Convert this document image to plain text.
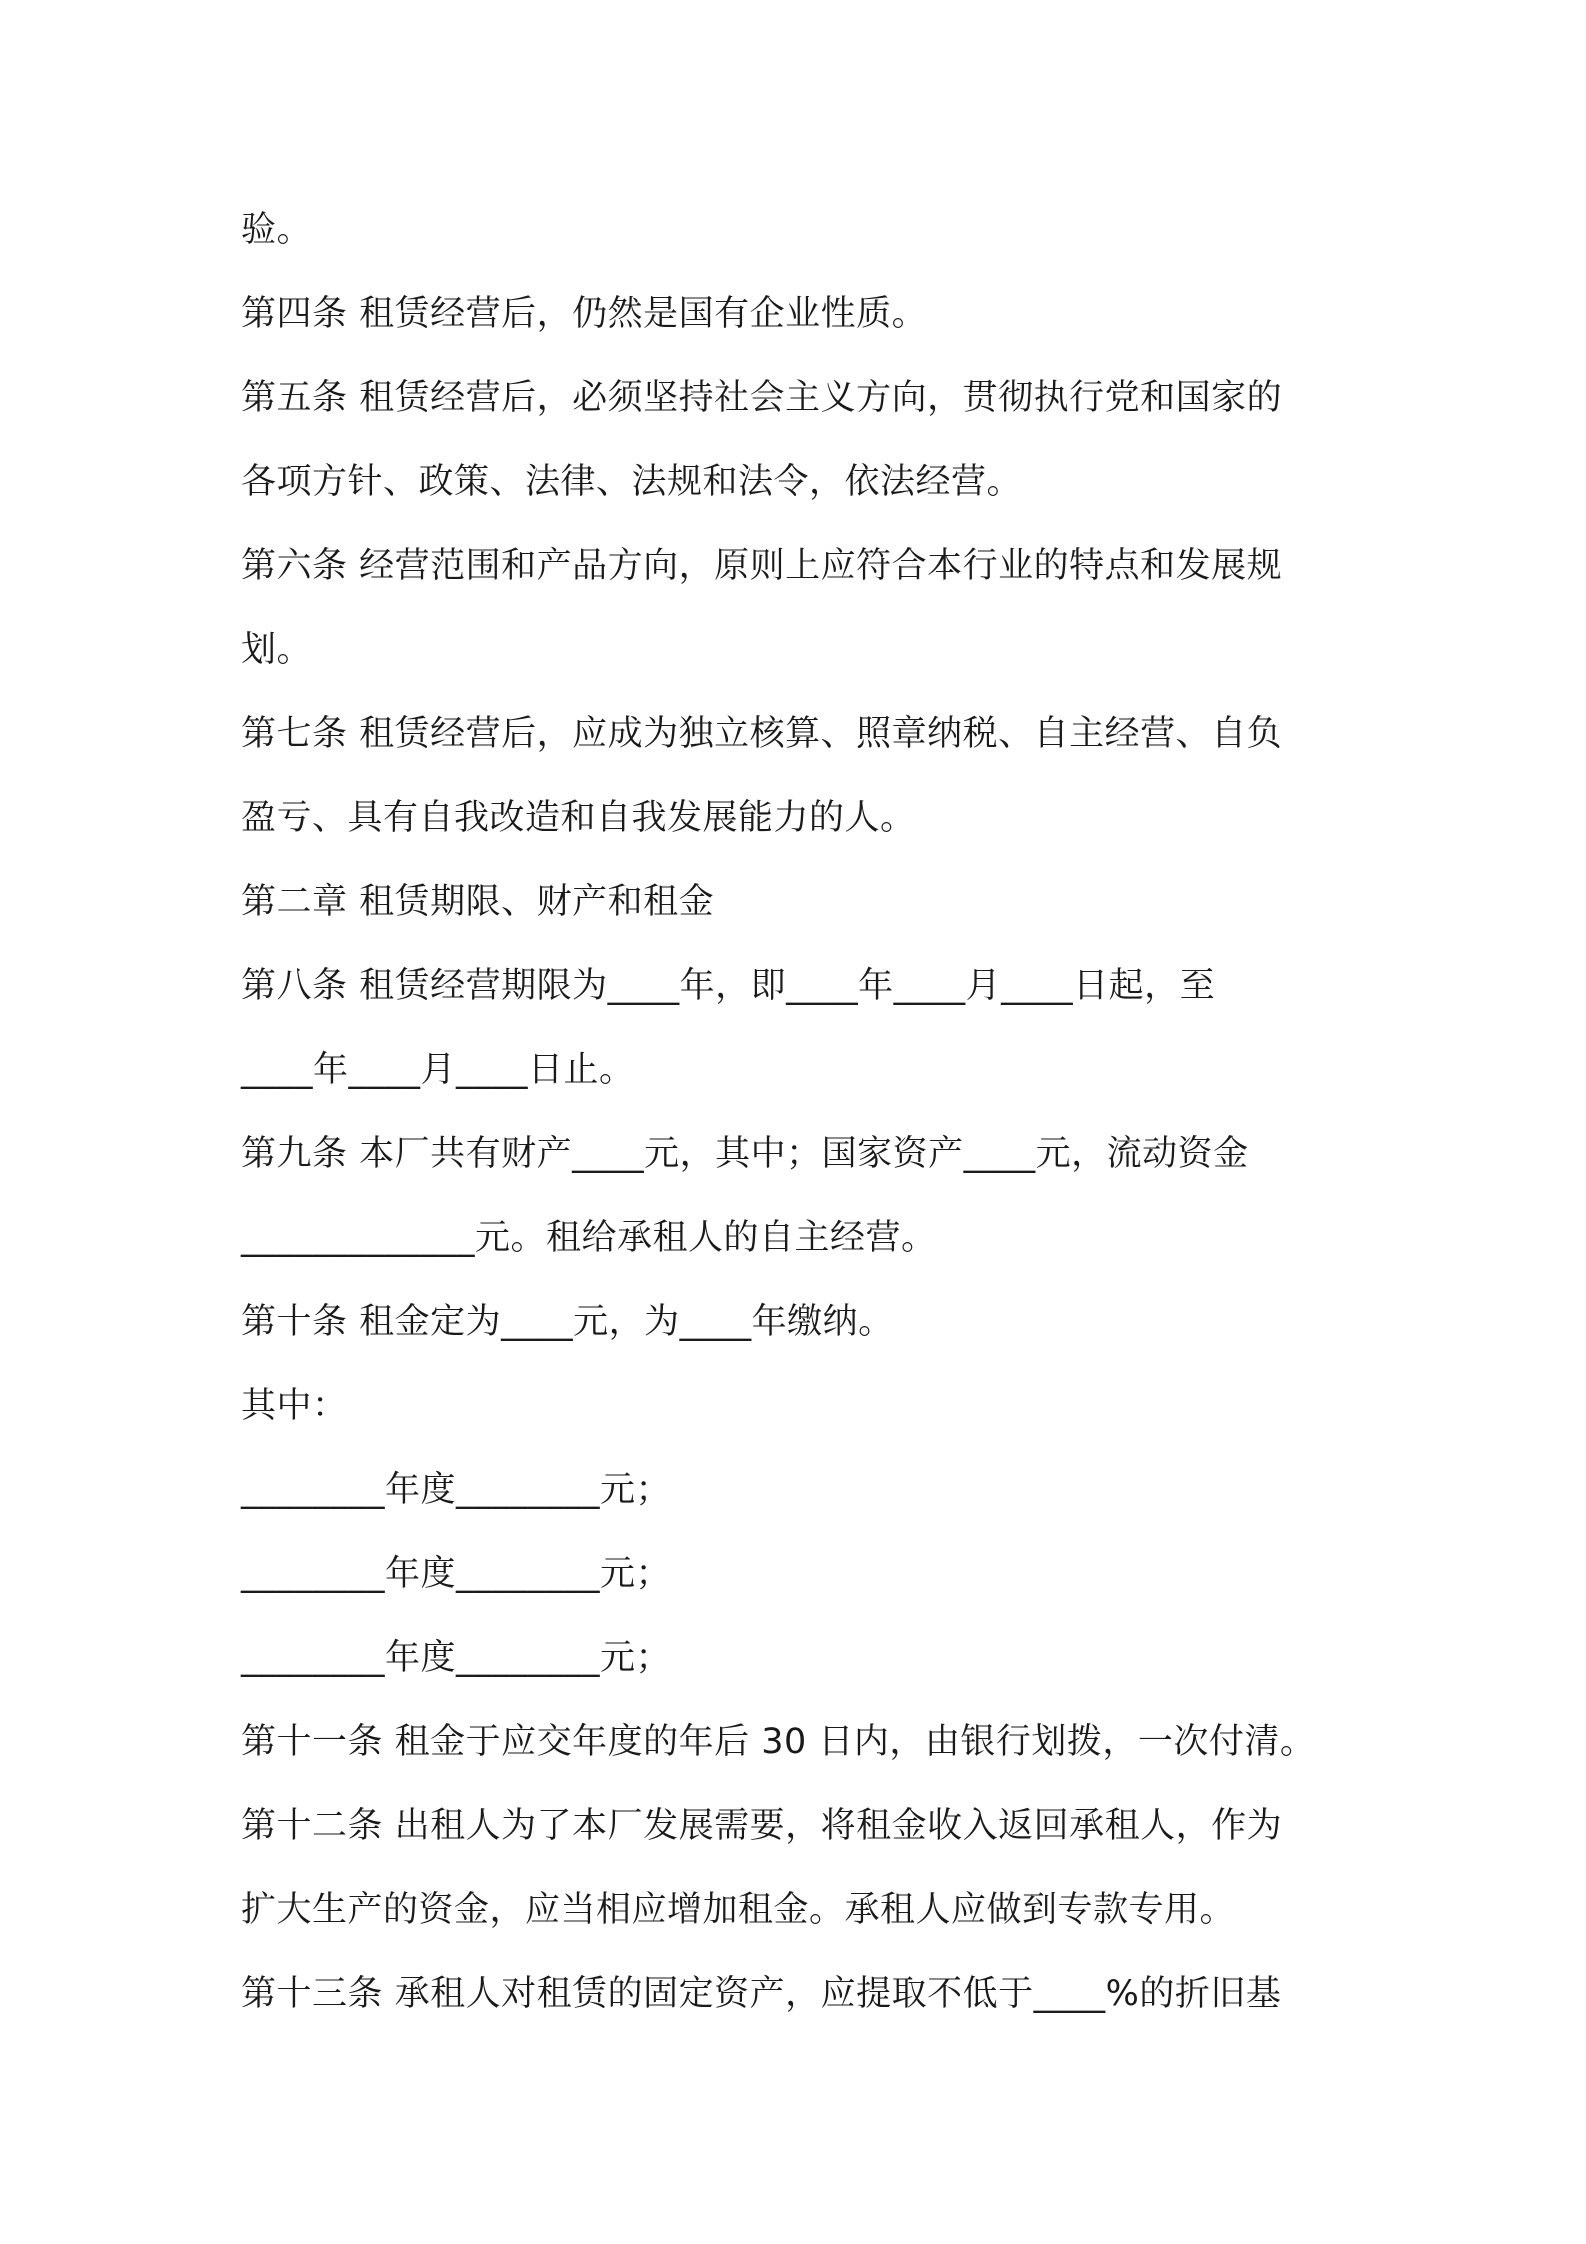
验。
第四条 租赁经营后，仍然是国有企业性质。
第五条 租赁经营后，必须坚持社会主义方向，贯彻执行党和国家的
各项方针、政策、法律、法规和法令，依法经营。
第六条 经营范围和产品方向，原则上应符合本行业的特点和发展规
划。
第七条 租赁经营后，应成为独立核算、照章纳税、自主经营、自负
盈亏、具有自我改造和自我发展能力的人。
第二章 租赁期限、财产和租金
第八条 租赁经营期限为____年，即____年____月____日起，至
____年____月____日止。
第九条 本厂共有财产____元，其中；国家资产____元，流动资金
_____________元。租给承租人的自主经营。
第十条 租金定为____元，为____年缴纳。
其中：
________年度________元；
________年度________元；
________年度________元；
第十一条 租金于应交年度的年后 30 日内，由银行划拨，一次付清。
第十二条 出租人为了本厂发展需要，将租金收入返回承租人，作为
扩大生产的资金，应当相应增加租金。承租人应做到专款专用。
第十三条 承租人对租赁的固定资产，应提取不低于____%的折旧基
